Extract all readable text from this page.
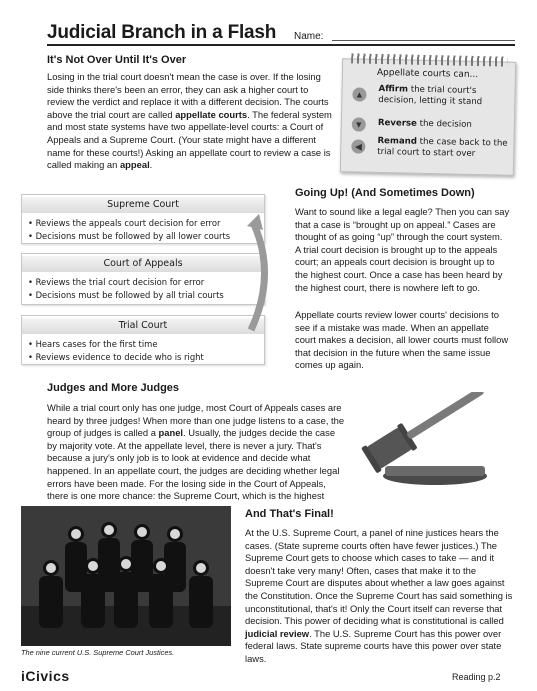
Judicial Branch in a Flash Name:
It's Not Over Until It's Over

Losing in the trial court doesn't mean the case is over. If the losing side thinks there's been an error, they can ask a higher court to review the verdict and replace it with a different decision. The courts above the trial court are called appellate courts. The federal system and most state systems have two appellate-level courts: a Court of Appeals and a Supreme Court. (Your state might have a different name for these courts!) Asking an appellate court to review a case is called making an appeal.

Appellate courts can...
▲	Affirm the trial court's decision, letting it stand
▼	Reverse the decision
◀	Remand the case back to the trial court to start over
Supreme Court
• Reviews the appeals court decision for error
• Decisions must be followed by all lower courts
Court of Appeals
• Reviews the trial court decision for error
• Decisions must be followed by all trial courts
Trial Court
• Hears cases for the first time
• Reviews evidence to decide who is right
Going Up! (And Sometimes Down)

Want to sound like a legal eagle? Then you can say that a case is “brought up on appeal.” Cases are thought of as going “up” through the court system. A trial court decision is brought up to the appeals court; an appeals court decision is brought up to the highest court. Once a case has been heard by the highest court, there is nowhere left to go.

Appellate courts review lower courts' decisions to see if a mistake was made. When an appellate court makes a decision, all lower courts must follow that decision in the future when the same issue comes up again.

Judges and More Judges

While a trial court only has one judge, most Court of Appeals cases are heard by three judges! When more than one judge listens to a case, the group of judges is called a panel. Usually, the judges decide the case by majority vote. At the appellate level, there is never a jury. That's because a jury's only job is to look at evidence and decide what happened. In an appellate court, the judges are deciding whether legal errors have been made. For the losing side in the Court of Appeals, there is one more chance: the Supreme Court, which is the highest

And That's Final!

At the U.S. Supreme Court, a panel of nine justices hears the cases. (State supreme courts often have fewer justices.) The Supreme Court gets to choose which cases to take — and it doesn't take very many! Often, cases that make it to the Supreme Court are disputes about whether a law goes against the Constitution. Once the Supreme Court has said something is unconstitutional, that's it! Only the Court itself can reverse that decision. This power of deciding what is constitutional is called judicial review. The U.S. Supreme Court has this power over federal laws. State supreme courts have this power over state laws.

The nine current U.S. Supreme Court Justices.
iCivics	Reading p.2
